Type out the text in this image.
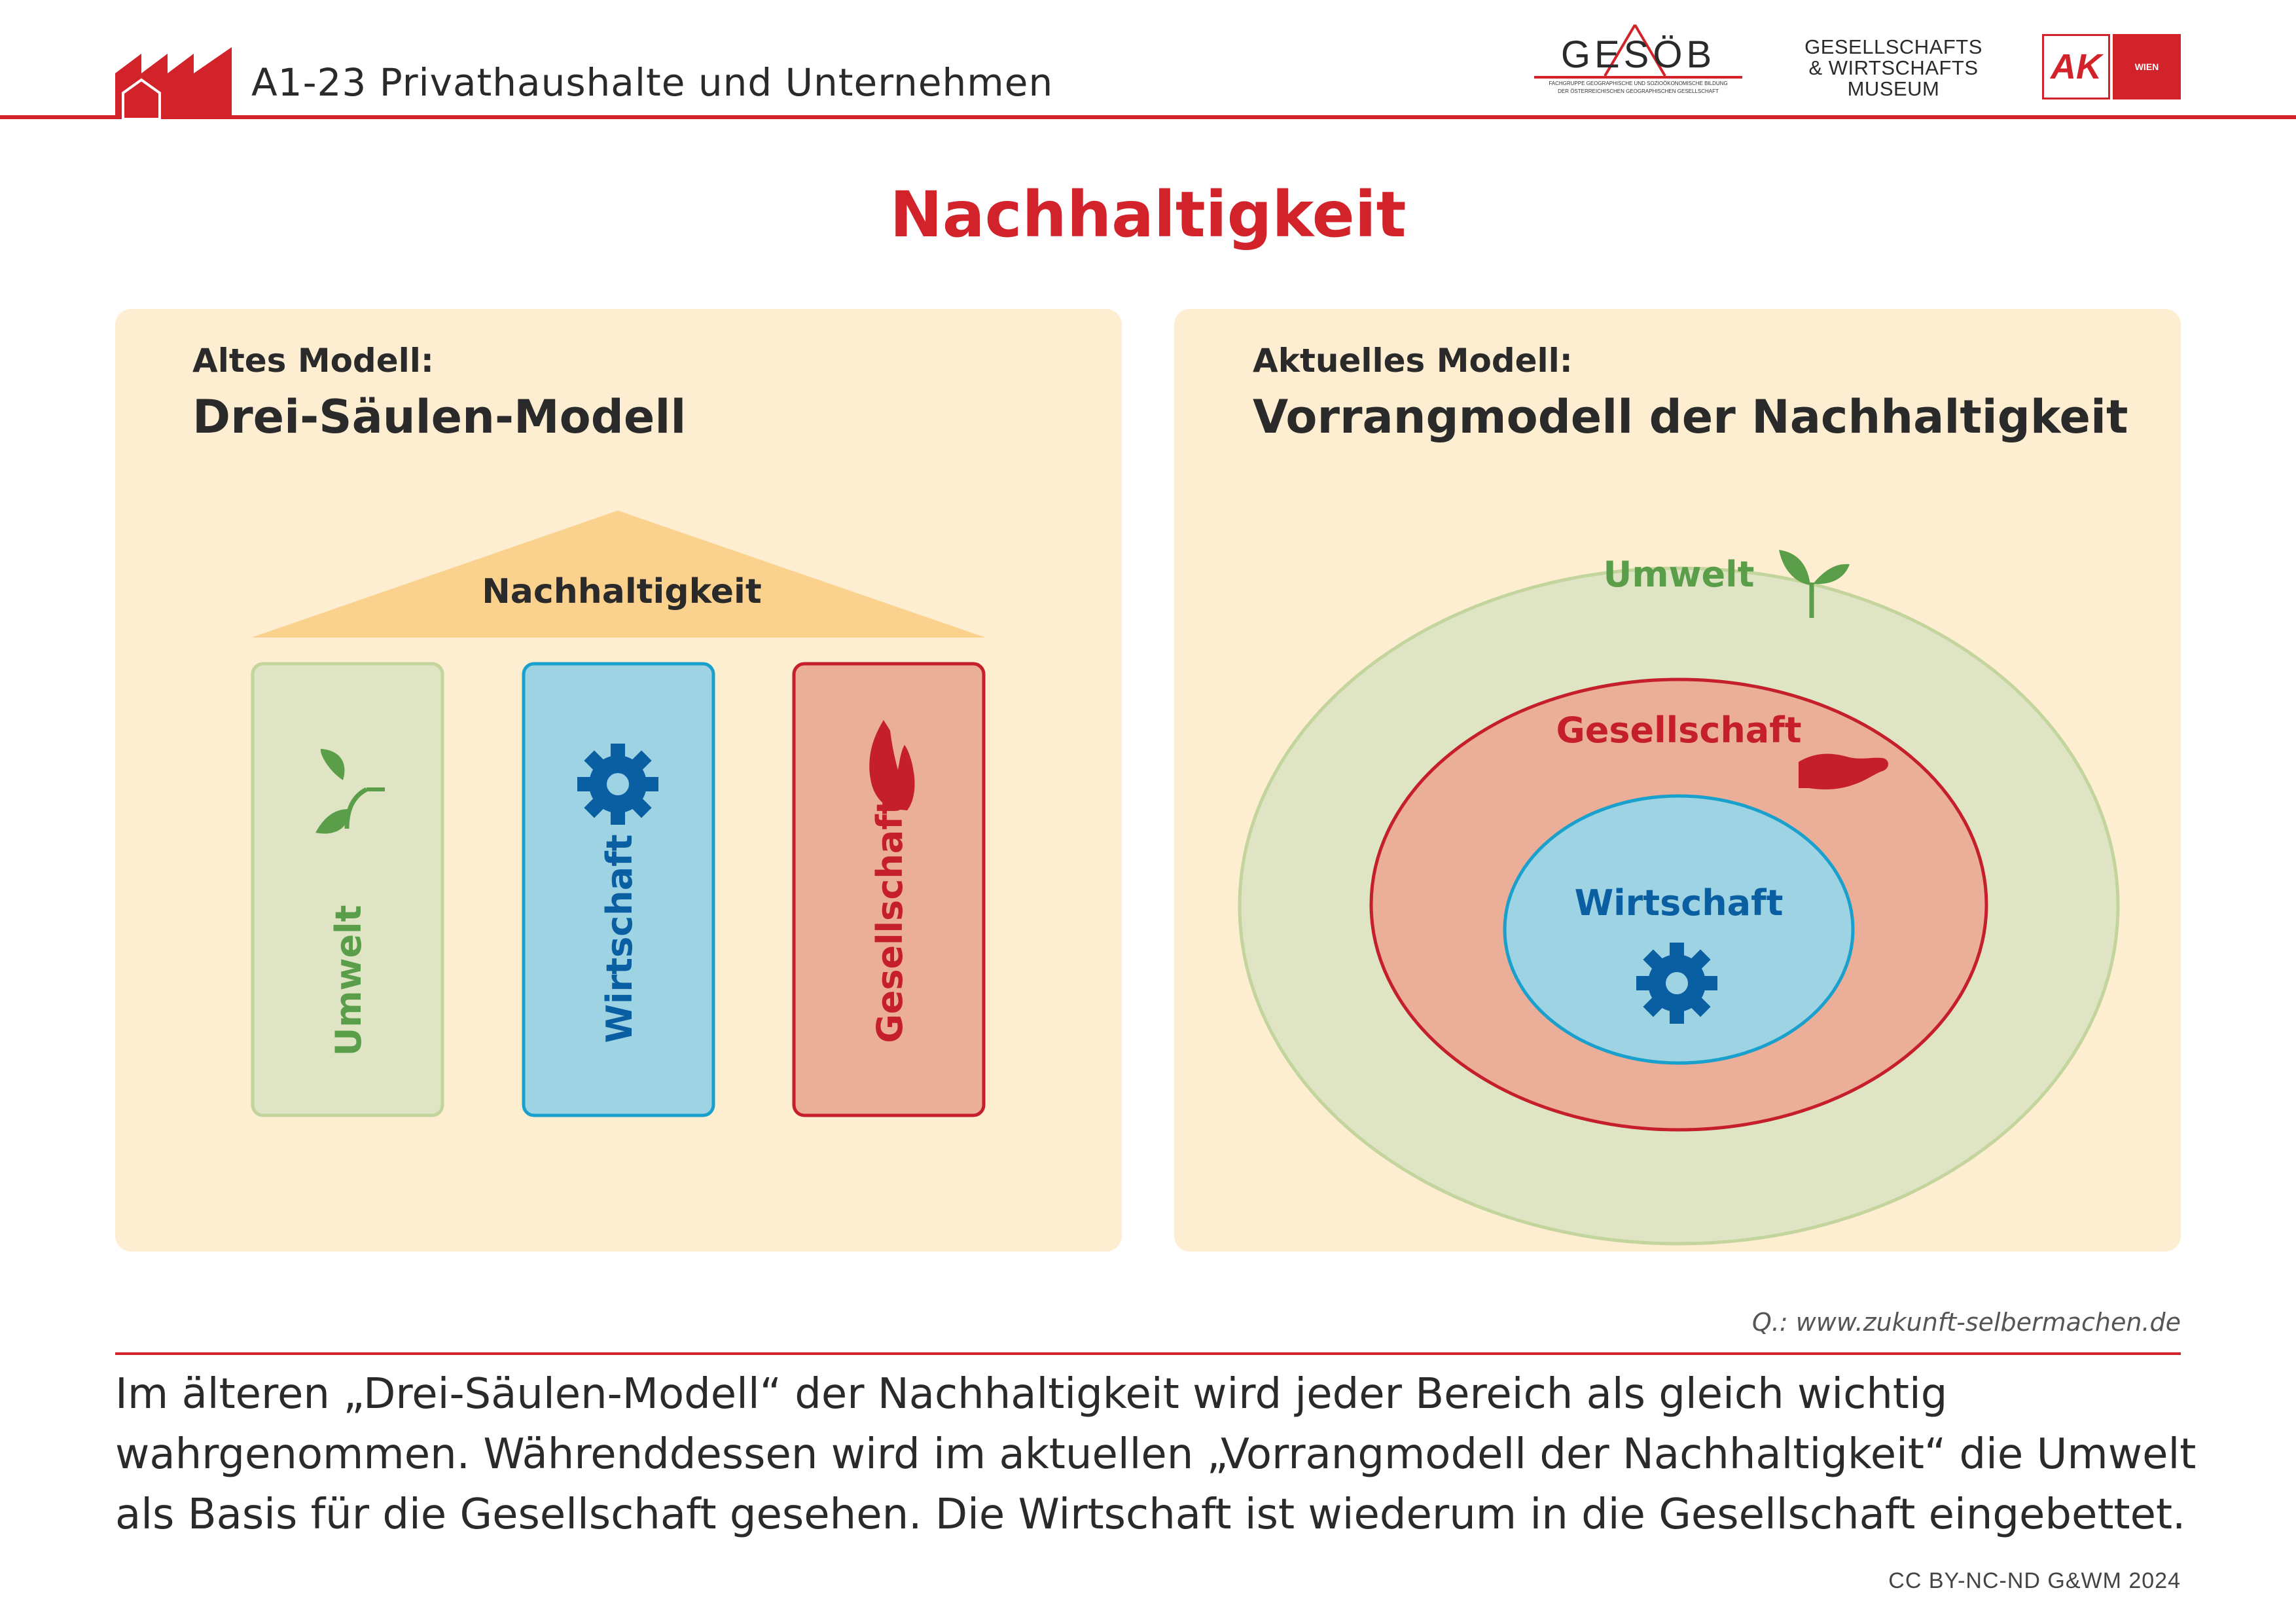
A1-23 Privathaushalte und Unternehmen
GESÖB
FACHGRUPPE GEOGRAPHISCHE UND SOZIOÖKONOMISCHE BILDUNG
DER ÖSTERREICHISCHEN GEOGRAPHISCHEN GESELLSCHAFT
GESELLSCHAFTS
& WIRTSCHAFTS
MUSEUM
AK	WIEN
Nachhaltigkeit
Altes Modell:
Drei-Säulen-Modell
Aktuelles Modell:
Vorrangmodell der Nachhaltigkeit
Nachhaltigkeit
Umwelt	Wirtschaft	Gesellschaft
Umwelt
Gesellschaft
Wirtschaft
Q.: www.zukunft-selbermachen.de
Im älteren „Drei-Säulen-Modell“ der Nachhaltigkeit wird jeder Bereich als gleich wichtig
wahrgenommen. Währenddessen wird im aktuellen „Vorrangmodell der Nachhaltigkeit“ die Umwelt
als Basis für die Gesellschaft gesehen. Die Wirtschaft ist wiederum in die Gesellschaft eingebettet.
CC BY-NC-ND G&WM 2024
